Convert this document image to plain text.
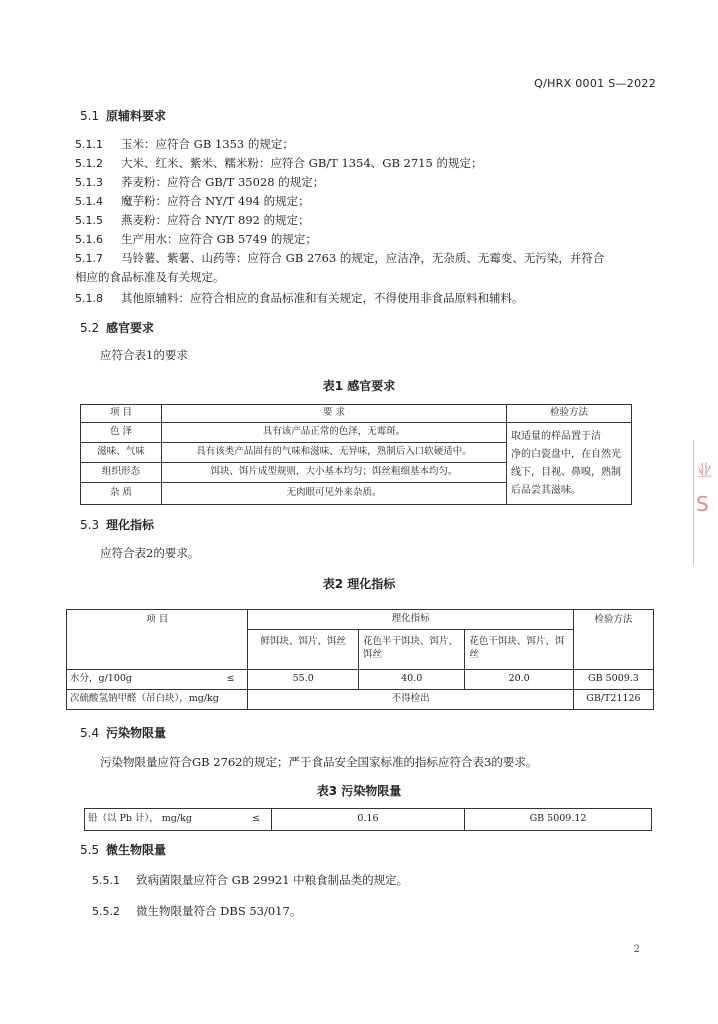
Q/HRX 0001 S—2022
5.1 原辅料要求
5.1.1 玉米：应符合 GB 1353 的规定；
5.1.2 大米、红米、紫米、糯米粉：应符合 GB/T 1354、GB 2715 的规定；
5.1.3 荞麦粉：应符合 GB/T 35028 的规定；
5.1.4 魔芋粉：应符合 NY/T 494 的规定；
5.1.5 燕麦粉：应符合 NY/T 892 的规定；
5.1.6 生产用水：应符合 GB 5749 的规定；
5.1.7 马铃薯、紫薯、山药等：应符合 GB 2763 的规定，应洁净，无杂质、无霉变、无污染，并符合
相应的食品标准及有关规定。
5.1.8 其他原辅料：应符合相应的食品标准和有关规定，不得使用非食品原料和辅料。
5.2 感官要求
应符合表1的要求
表1 感官要求
项 目	要 求	检验方法
色 泽	具有该产品正常的色泽，无霉斑。	取适量的样品置于洁
净的白瓷盘中，在自然光
线下，目视、鼻嗅，熟制
后品尝其滋味。

滋味、气味	具有该类产品固有的气味和滋味、无异味，熟制后入口软硬适中。	
组织形态	饵块、饵片成型规则，大小基本均匀；饵丝粗细基本均匀。	
杂 质	无肉眼可见外来杂质。	
5.3 理化指标
应符合表2的要求。
表2 理化指标
项 目	理化指标			检验方法
	鲜饵块、饵片、饵丝	花色半干饵块、饵片、饵丝	花色干饵块、饵片、饵丝	
水分，g/100g ≤	55.0	40.0	20.0	GB 5009.3
次硫酸氢钠甲醛（吊白块），mg/kg	不得检出			GB/T21126
5.4 污染物限量
污染物限量应符合GB 2762的规定；严于食品安全国家标准的指标应符合表3的要求。
表3 污染物限量
铅（以 Pb 计）， mg/kg	≤	0.16	GB 5009.12
5.5 微生物限量
5.5.1 致病菌限量应符合 GB 29921 中粮食制品类的规定。
5.5.2 微生物限量符合 DBS 53/017。
2
业
S
